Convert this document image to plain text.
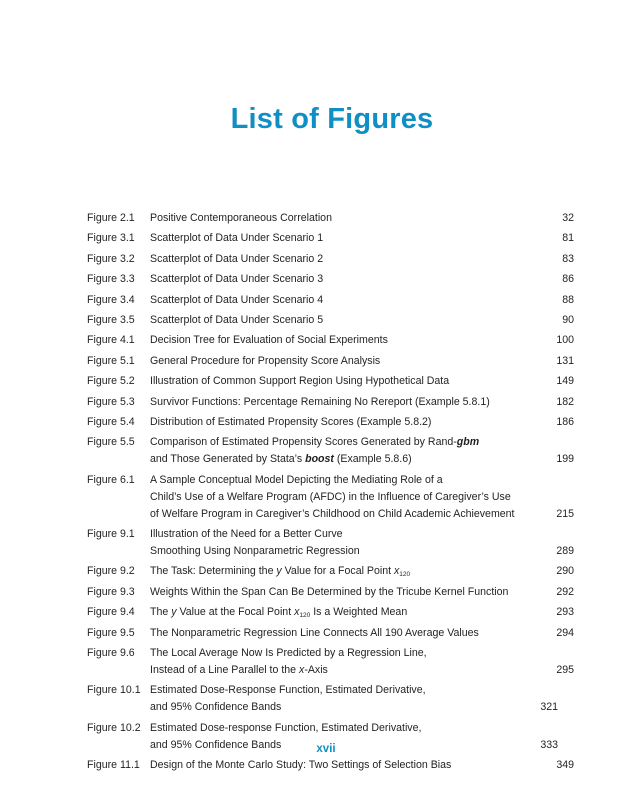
List of Figures
Figure 2.1	Positive Contemporaneous Correlation	32
Figure 3.1	Scatterplot of Data Under Scenario 1	81
Figure 3.2	Scatterplot of Data Under Scenario 2	83
Figure 3.3	Scatterplot of Data Under Scenario 3	86
Figure 3.4	Scatterplot of Data Under Scenario 4	88
Figure 3.5	Scatterplot of Data Under Scenario 5	90
Figure 4.1	Decision Tree for Evaluation of Social Experiments	100
Figure 5.1	General Procedure for Propensity Score Analysis	131
Figure 5.2	Illustration of Common Support Region Using Hypothetical Data	149
Figure 5.3	Survivor Functions: Percentage Remaining No Rereport (Example 5.8.1)	182
Figure 5.4	Distribution of Estimated Propensity Scores (Example 5.8.2)	186
Figure 5.5	Comparison of Estimated Propensity Scores Generated by Rand-gbm
and Those Generated by Stata’s boost (Example 5.8.6)	199
Figure 6.1	A Sample Conceptual Model Depicting the Mediating Role of a
Child’s Use of a Welfare Program (AFDC) in the Influence of Caregiver’s Use
of Welfare Program in Caregiver’s Childhood on Child Academic Achievement	215
Figure 9.1	Illustration of the Need for a Better Curve
Smoothing Using Nonparametric Regression	289
Figure 9.2	The Task: Determining the y Value for a Focal Point $x_{120}$	290
Figure 9.3	Weights Within the Span Can Be Determined by the Tricube Kernel Function	292
Figure 9.4	The y Value at the Focal Point $x_{120}$ Is a Weighted Mean	293
Figure 9.5	The Nonparametric Regression Line Connects All 190 Average Values	294
Figure 9.6	The Local Average Now Is Predicted by a Regression Line,
Instead of a Line Parallel to the x-Axis	295
Figure 10.1 Estimated Dose-Response Function, Estimated Derivative,
and 95% Confidence Bands	321
Figure 10.2 Estimated Dose-response Function, Estimated Derivative,
and 95% Confidence Bands	333
Figure 11.1 Design of the Monte Carlo Study: Two Settings of Selection Bias	349
xvii
